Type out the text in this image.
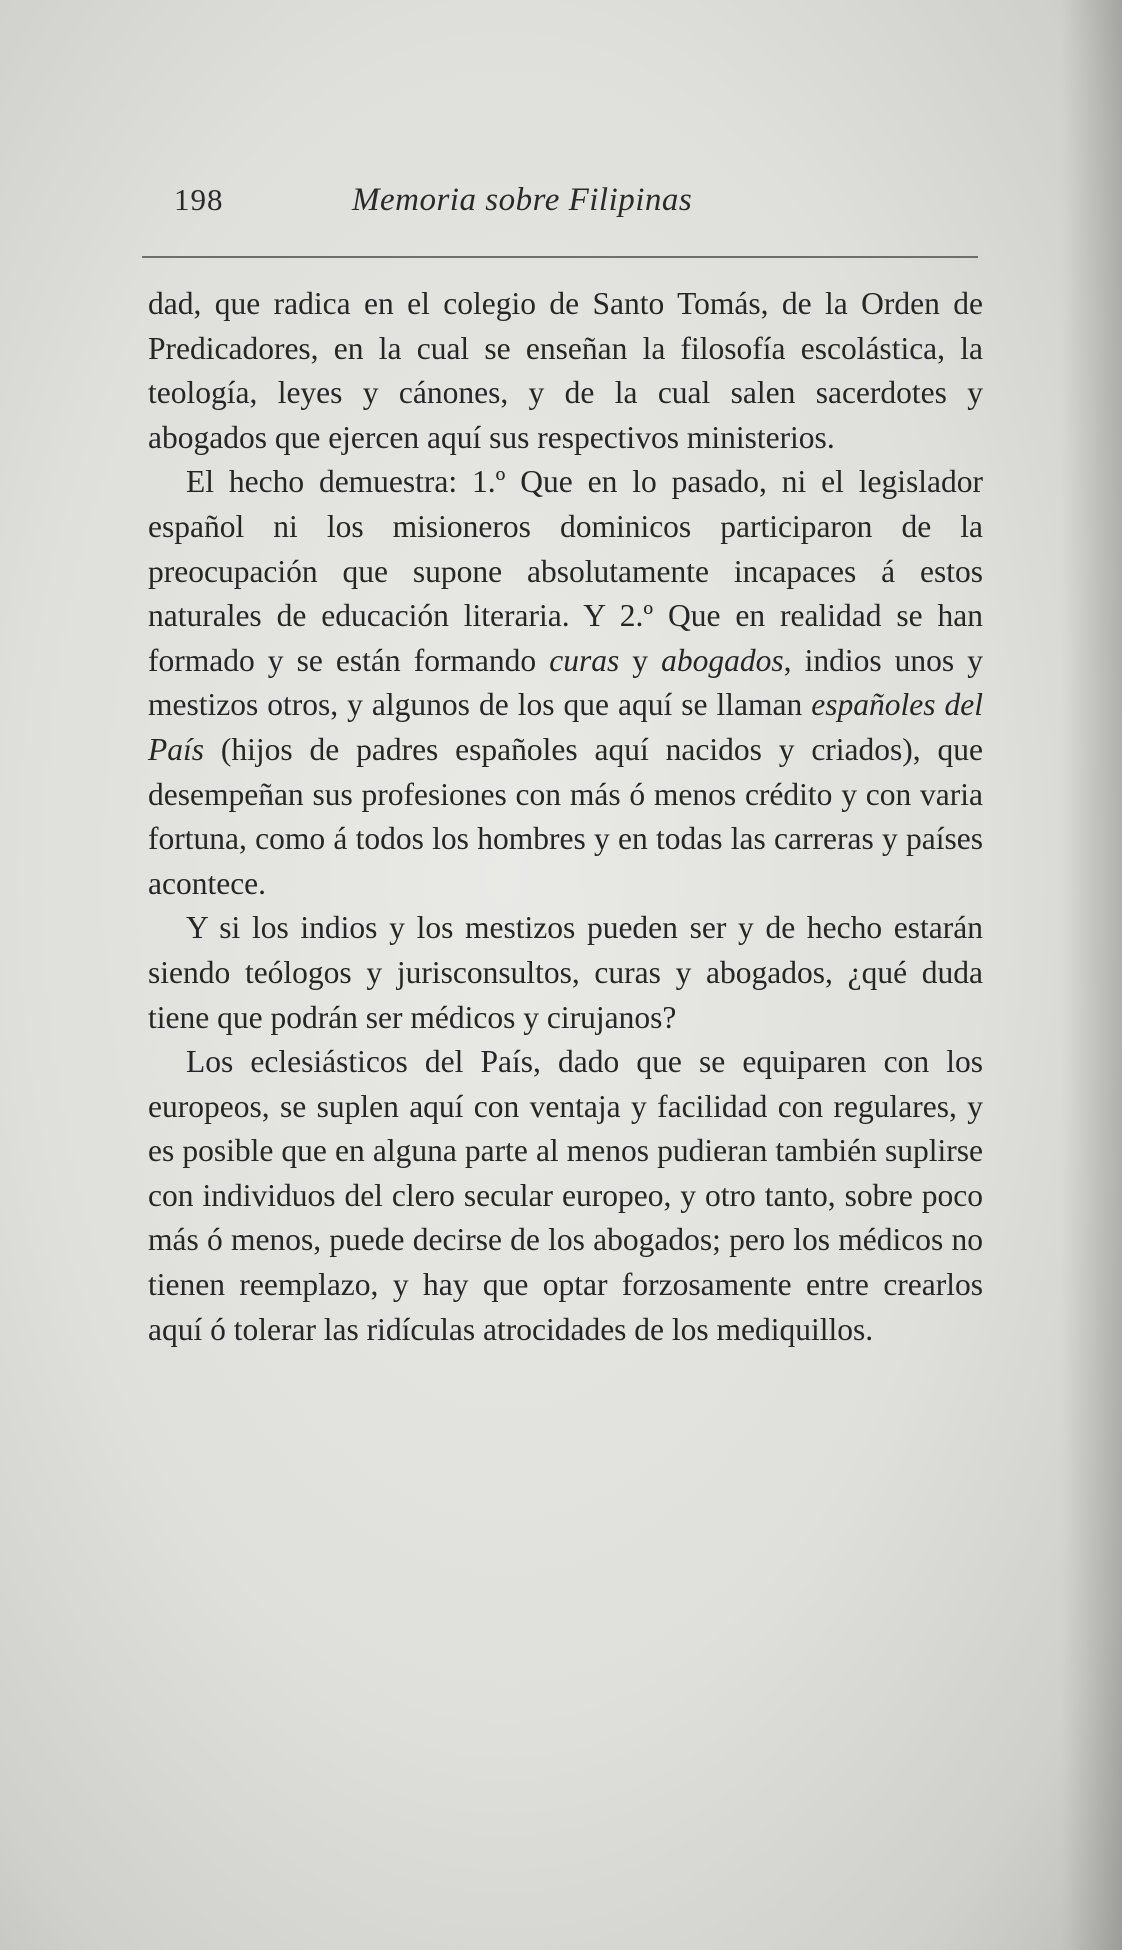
198	Memoria sobre Filipinas

dad, que radica en el colegio de Santo Tomás, de la Orden de Predicadores, en la cual se enseñan la filosofía escolástica, la teología, leyes y cánones, y de la cual salen sacerdotes y abogados que ejercen aquí sus respectivos ministerios.

El hecho demuestra: 1.º Que en lo pasado, ni el legislador español ni los misioneros dominicos participaron de la preocupación que supone absolutamente incapaces á estos naturales de educación literaria. Y 2.º Que en realidad se han formado y se están formando curas y abogados, indios unos y mestizos otros, y algunos de los que aquí se llaman españoles del País (hijos de padres españoles aquí nacidos y criados), que desempeñan sus profesiones con más ó menos crédito y con varia fortuna, como á todos los hombres y en todas las carreras y países acontece.

Y si los indios y los mestizos pueden ser y de hecho estarán siendo teólogos y jurisconsultos, curas y abogados, ¿qué duda tiene que podrán ser médicos y cirujanos?

Los eclesiásticos del País, dado que se equiparen con los europeos, se suplen aquí con ventaja y facilidad con regulares, y es posible que en alguna parte al menos pudieran también suplirse con individuos del clero secular europeo, y otro tanto, sobre poco más ó menos, puede decirse de los abogados; pero los médicos no tienen reemplazo, y hay que optar forzosamente entre crearlos aquí ó tolerar las ridículas atrocidades de los mediquillos.
